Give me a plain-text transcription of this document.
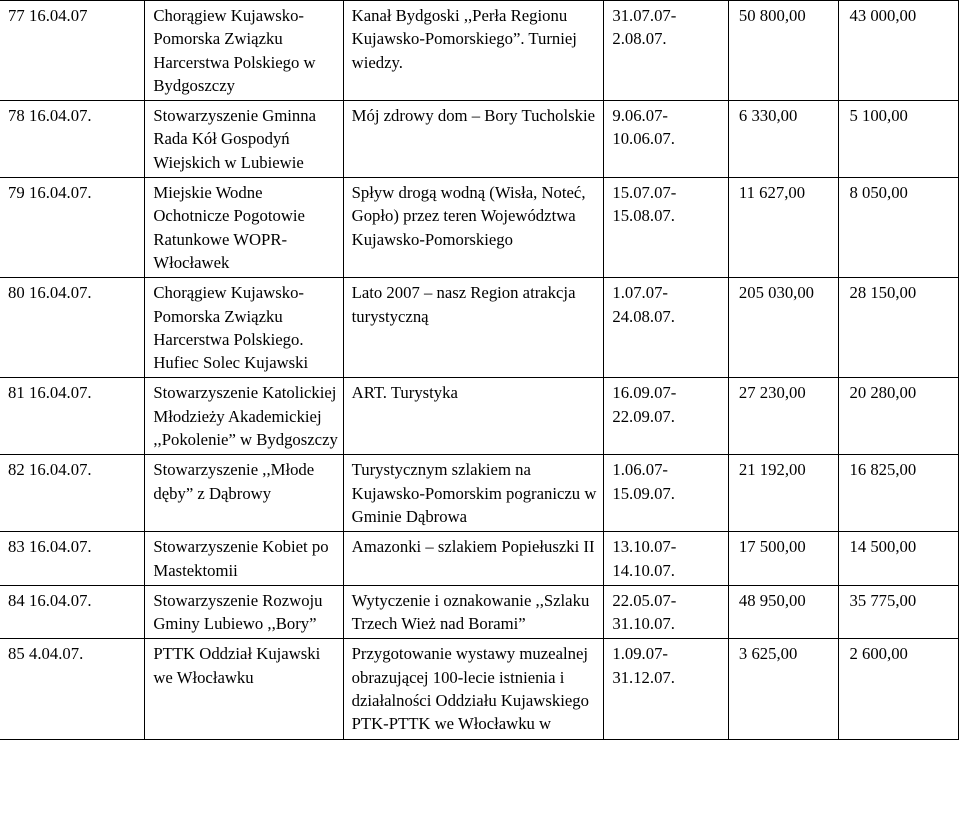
77 16.04.07	Chorągiew Kujawsko-Pomorska Związku Harcerstwa Polskiego w Bydgoszczy	Kanał Bydgoski ,,Perła Regionu Kujawsko-Pomorskiego”. Turniej wiedzy.	31.07.07-2.08.07.	50 800,00	43 000,00
78 16.04.07.	Stowarzyszenie Gminna Rada Kół Gospodyń Wiejskich w Lubiewie	Mój zdrowy dom – Bory Tucholskie	9.06.07-10.06.07.	6 330,00	5 100,00
79 16.04.07.	Miejskie Wodne Ochotnicze Pogotowie Ratunkowe WOPR-Włocławek	Spływ drogą wodną (Wisła, Noteć, Gopło) przez teren Województwa Kujawsko-Pomorskiego	15.07.07-15.08.07.	11 627,00	8 050,00
80 16.04.07.	Chorągiew Kujawsko-Pomorska Związku Harcerstwa Polskiego. Hufiec Solec Kujawski	Lato 2007 – nasz Region atrakcja turystyczną	1.07.07-24.08.07.	205 030,00	28 150,00
81 16.04.07.	Stowarzyszenie Katolickiej Młodzieży Akademickiej ,,Pokolenie” w Bydgoszczy	ART. Turystyka	16.09.07-22.09.07.	27 230,00	20 280,00
82 16.04.07.	Stowarzyszenie ,,Młode dęby” z Dąbrowy	Turystycznym szlakiem na Kujawsko-Pomorskim pograniczu w Gminie Dąbrowa	1.06.07-15.09.07.	21 192,00	16 825,00
83 16.04.07.	Stowarzyszenie Kobiet po Mastektomii	Amazonki – szlakiem Popiełuszki II	13.10.07-14.10.07.	17 500,00	14 500,00
84 16.04.07.	Stowarzyszenie Rozwoju Gminy Lubiewo ,,Bory”	Wytyczenie i oznakowanie ,,Szlaku Trzech Wież nad Borami”	22.05.07-31.10.07.	48 950,00	35 775,00
85 4.04.07.	PTTK Oddział Kujawski we Włocławku	Przygotowanie wystawy muzealnej obrazującej 100-lecie istnienia i działalności Oddziału Kujawskiego PTK-PTTK we Włocławku w	1.09.07-31.12.07.	3 625,00	2 600,00
